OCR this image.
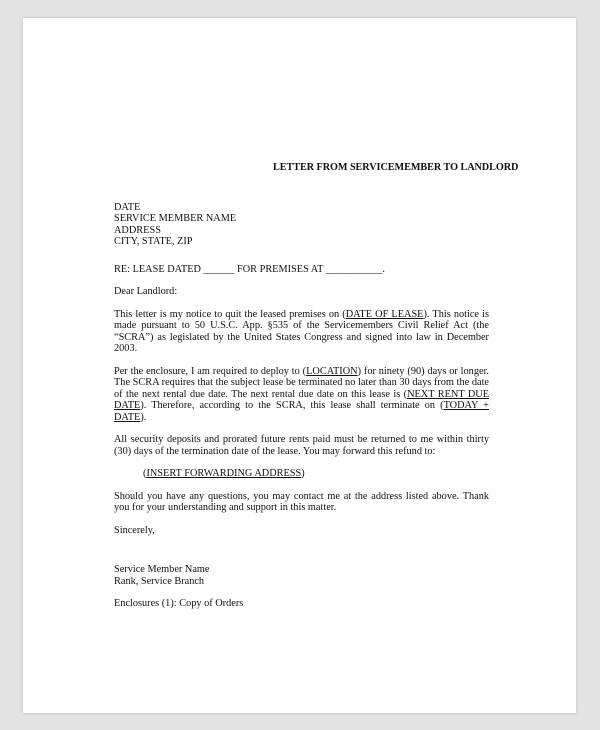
LETTER FROM SERVICEMEMBER TO LANDLORD
DATE
SERVICE MEMBER NAME
ADDRESS
CITY, STATE, ZIP

RE: LEASE DATED ______ FOR PREMISES AT ___________.

Dear Landlord:

This letter is my notice to quit the leased premises on (DATE OF LEASE). This notice is made pursuant to 50 U.S.C. App. §535 of the Servicemembers Civil Relief Act (the “SCRA”) as legislated by the United States Congress and signed into law in December 2003.

Per the enclosure, I am required to deploy to (LOCATION) for ninety (90) days or longer. The SCRA requires that the subject lease be terminated no later than 30 days from the date of the next rental due date. The next rental due date on this lease is (NEXT RENT DUE DATE). Therefore, according to the SCRA, this lease shall terminate on (TODAY + DATE).

All security deposits and prorated future rents paid must be returned to me within thirty (30) days of the termination date of the lease. You may forward this refund to:

(INSERT FORWARDING ADDRESS)

Should you have any questions, you may contact me at the address listed above. Thank you for your understanding and support in this matter.

Sincerely,

Service Member Name
Rank, Service Branch

Enclosures (1): Copy of Orders
